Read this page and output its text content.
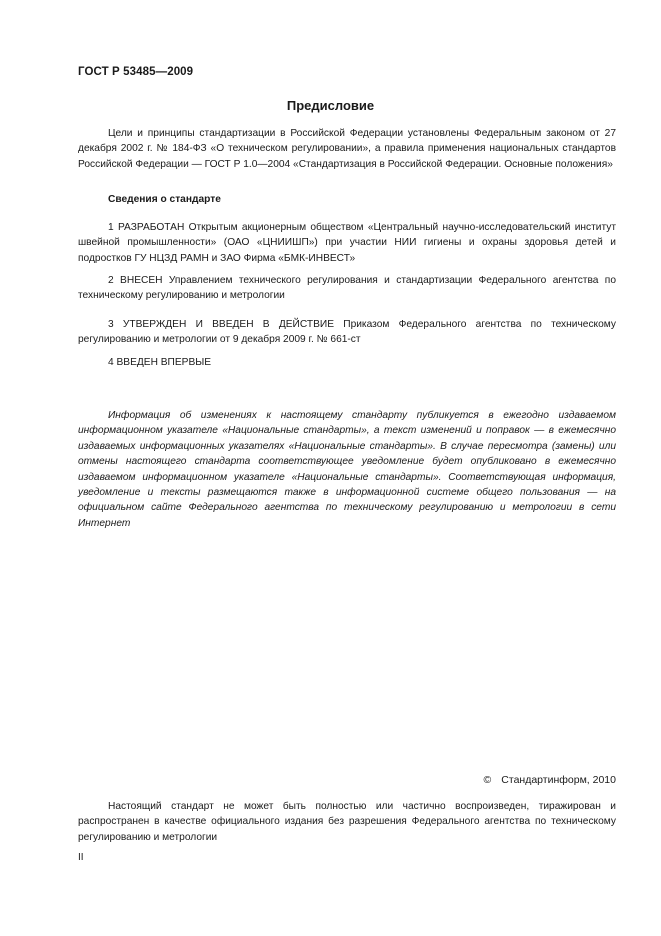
ГОСТ Р 53485—2009
Предисловие

Цели и принципы стандартизации в Российской Федерации установлены Федеральным законом от 27 декабря 2002 г. № 184-ФЗ «О техническом регулировании», а правила применения национальных стандартов Российской Федерации — ГОСТ Р 1.0—2004 «Стандартизация в Российской Федерации. Основные положения»

Сведения о стандарте

1 РАЗРАБОТАН Открытым акционерным обществом «Центральный научно-исследовательский институт швейной промышленности» (ОАО «ЦНИИШП») при участии НИИ гигиены и охраны здоровья детей и подростков ГУ НЦЗД РАМН и ЗАО Фирма «БМК-ИНВЕСТ»

2 ВНЕСЕН Управлением технического регулирования и стандартизации Федерального агентства по техническому регулированию и метрологии

3 УТВЕРЖДЕН И ВВЕДЕН В ДЕЙСТВИЕ Приказом Федерального агентства по техническому регулированию и метрологии от 9 декабря 2009 г. № 661-ст

4 ВВЕДЕН ВПЕРВЫЕ

Информация об изменениях к настоящему стандарту публикуется в ежегодно издаваемом информационном указателе «Национальные стандарты», а текст изменений и поправок — в ежемесячно издаваемых информационных указателях «Национальные стандарты». В случае пересмотра (замены) или отмены настоящего стандарта соответствующее уведомление будет опубликовано в ежемесячно издаваемом информационном указателе «Национальные стандарты». Соответствующая информация, уведомление и тексты размещаются также в информационной системе общего пользования — на официальном сайте Федерального агентства по техническому регулированию и метрологии в сети Интернет

© Стандартинформ, 2010

Настоящий стандарт не может быть полностью или частично воспроизведен, тиражирован и распространен в качестве официального издания без разрешения Федерального агентства по техническому регулированию и метрологии

II
